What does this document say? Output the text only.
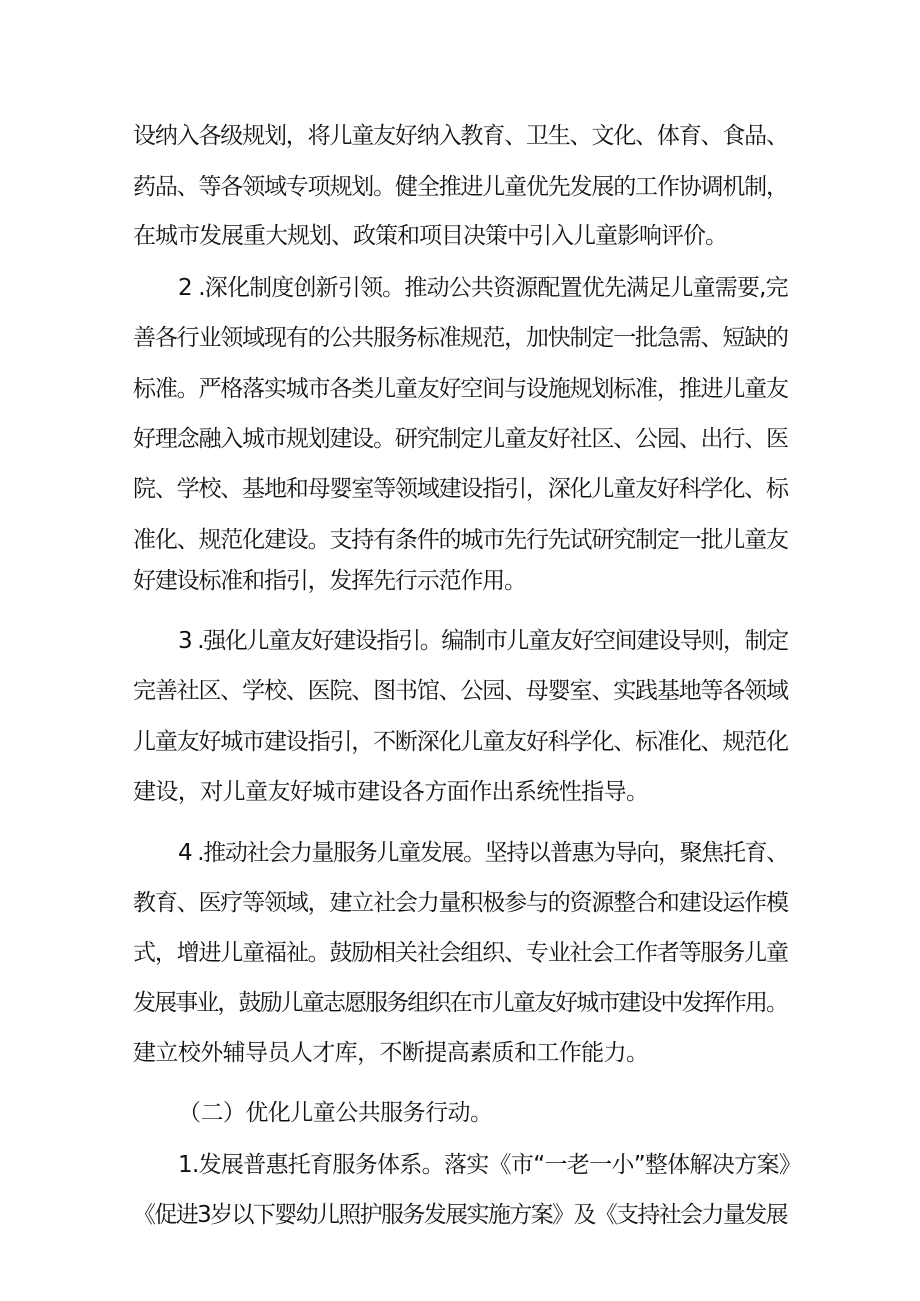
设纳入各级规划，将儿童友好纳入教育、卫生、文化、体育、食品、
药品、等各领域专项规划。健全推进儿童优先发展的工作协调机制，
在城市发展重大规划、政策和项目决策中引入儿童影响评价。
2 .深化制度创新引领。推动公共资源配置优先满足儿童需要,完
善各行业领域现有的公共服务标准规范，加快制定一批急需、短缺的
标准。严格落实城市各类儿童友好空间与设施规划标准，推进儿童友
好理念融入城市规划建设。研究制定儿童友好社区、公园、出行、医
院、学校、基地和母婴室等领域建设指引，深化儿童友好科学化、标
准化、规范化建设。支持有条件的城市先行先试研究制定一批儿童友
好建设标准和指引，发挥先行示范作用。
3 .强化儿童友好建设指引。编制市儿童友好空间建设导则，制定
完善社区、学校、医院、图书馆、公园、母婴室、实践基地等各领域
儿童友好城市建设指引，不断深化儿童友好科学化、标准化、规范化
建设，对儿童友好城市建设各方面作出系统性指导。
4 .推动社会力量服务儿童发展。坚持以普惠为导向，聚焦托育、
教育、医疗等领域，建立社会力量积极参与的资源整合和建设运作模
式，增进儿童福祉。鼓励相关社会组织、专业社会工作者等服务儿童
发展事业，鼓励儿童志愿服务组织在市儿童友好城市建设中发挥作用。
建立校外辅导员人才库，不断提高素质和工作能力。
（二）优化儿童公共服务行动。
1.发展普惠托育服务体系。落实《市“一老一小”整体解决方案》
《促进3岁以下婴幼儿照护服务发展实施方案》及《支持社会力量发展
